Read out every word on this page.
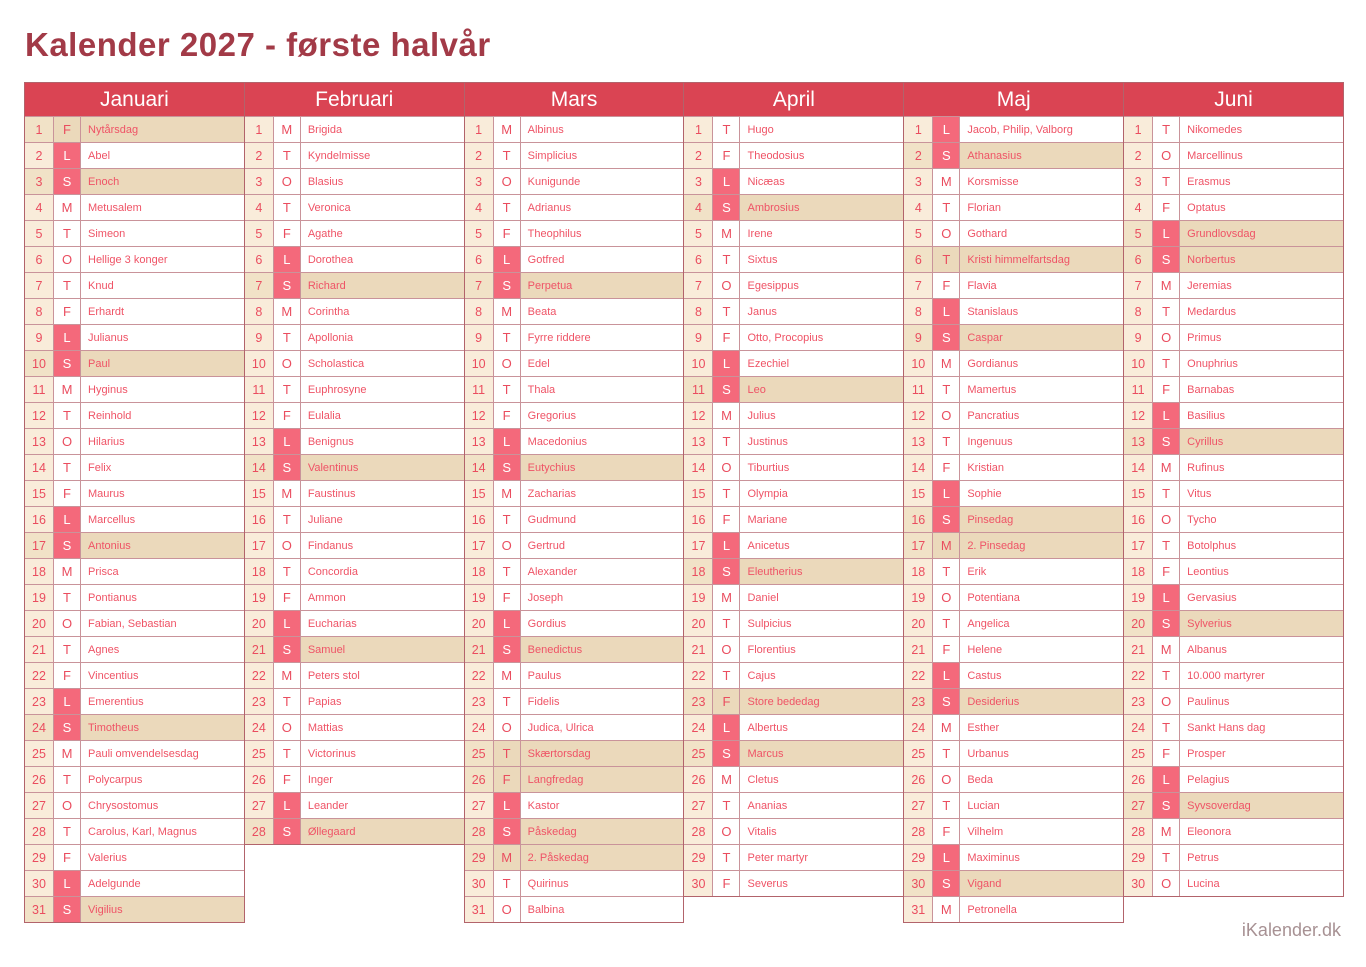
Kalender 2027 - første halvår
Januari
1	F	Nytårsdag
2	L	Abel
3	S	Enoch
4	M	Metusalem
5	T	Simeon
6	O	Hellige 3 konger
7	T	Knud
8	F	Erhardt
9	L	Julianus
10	S	Paul
11	M	Hyginus
12	T	Reinhold
13	O	Hilarius
14	T	Felix
15	F	Maurus
16	L	Marcellus
17	S	Antonius
18	M	Prisca
19	T	Pontianus
20	O	Fabian, Sebastian
21	T	Agnes
22	F	Vincentius
23	L	Emerentius
24	S	Timotheus
25	M	Pauli omvendelsesdag
26	T	Polycarpus
27	O	Chrysostomus
28	T	Carolus, Karl, Magnus
29	F	Valerius
30	L	Adelgunde
31	S	Vigilius
Februari
1	M	Brigida
2	T	Kyndelmisse
3	O	Blasius
4	T	Veronica
5	F	Agathe
6	L	Dorothea
7	S	Richard
8	M	Corintha
9	T	Apollonia
10	O	Scholastica
11	T	Euphrosyne
12	F	Eulalia
13	L	Benignus
14	S	Valentinus
15	M	Faustinus
16	T	Juliane
17	O	Findanus
18	T	Concordia
19	F	Ammon
20	L	Eucharias
21	S	Samuel
22	M	Peters stol
23	T	Papias
24	O	Mattias
25	T	Victorinus
26	F	Inger
27	L	Leander
28	S	Øllegaard
Mars
1	M	Albinus
2	T	Simplicius
3	O	Kunigunde
4	T	Adrianus
5	F	Theophilus
6	L	Gotfred
7	S	Perpetua
8	M	Beata
9	T	Fyrre riddere
10	O	Edel
11	T	Thala
12	F	Gregorius
13	L	Macedonius
14	S	Eutychius
15	M	Zacharias
16	T	Gudmund
17	O	Gertrud
18	T	Alexander
19	F	Joseph
20	L	Gordius
21	S	Benedictus
22	M	Paulus
23	T	Fidelis
24	O	Judica, Ulrica
25	T	Skærtorsdag
26	F	Langfredag
27	L	Kastor
28	S	Påskedag
29	M	2. Påskedag
30	T	Quirinus
31	O	Balbina
April
1	T	Hugo
2	F	Theodosius
3	L	Nicæas
4	S	Ambrosius
5	M	Irene
6	T	Sixtus
7	O	Egesippus
8	T	Janus
9	F	Otto, Procopius
10	L	Ezechiel
11	S	Leo
12	M	Julius
13	T	Justinus
14	O	Tiburtius
15	T	Olympia
16	F	Mariane
17	L	Anicetus
18	S	Eleutherius
19	M	Daniel
20	T	Sulpicius
21	O	Florentius
22	T	Cajus
23	F	Store bededag
24	L	Albertus
25	S	Marcus
26	M	Cletus
27	T	Ananias
28	O	Vitalis
29	T	Peter martyr
30	F	Severus
Maj
1	L	Jacob, Philip, Valborg
2	S	Athanasius
3	M	Korsmisse
4	T	Florian
5	O	Gothard
6	T	Kristi himmelfartsdag
7	F	Flavia
8	L	Stanislaus
9	S	Caspar
10	M	Gordianus
11	T	Mamertus
12	O	Pancratius
13	T	Ingenuus
14	F	Kristian
15	L	Sophie
16	S	Pinsedag
17	M	2. Pinsedag
18	T	Erik
19	O	Potentiana
20	T	Angelica
21	F	Helene
22	L	Castus
23	S	Desiderius
24	M	Esther
25	T	Urbanus
26	O	Beda
27	T	Lucian
28	F	Vilhelm
29	L	Maximinus
30	S	Vigand
31	M	Petronella
Juni
1	T	Nikomedes
2	O	Marcellinus
3	T	Erasmus
4	F	Optatus
5	L	Grundlovsdag
6	S	Norbertus
7	M	Jeremias
8	T	Medardus
9	O	Primus
10	T	Onuphrius
11	F	Barnabas
12	L	Basilius
13	S	Cyrillus
14	M	Rufinus
15	T	Vitus
16	O	Tycho
17	T	Botolphus
18	F	Leontius
19	L	Gervasius
20	S	Sylverius
21	M	Albanus
22	T	10.000 martyrer
23	O	Paulinus
24	T	Sankt Hans dag
25	F	Prosper
26	L	Pelagius
27	S	Syvsoverdag
28	M	Eleonora
29	T	Petrus
30	O	Lucina
iKalender.dk
